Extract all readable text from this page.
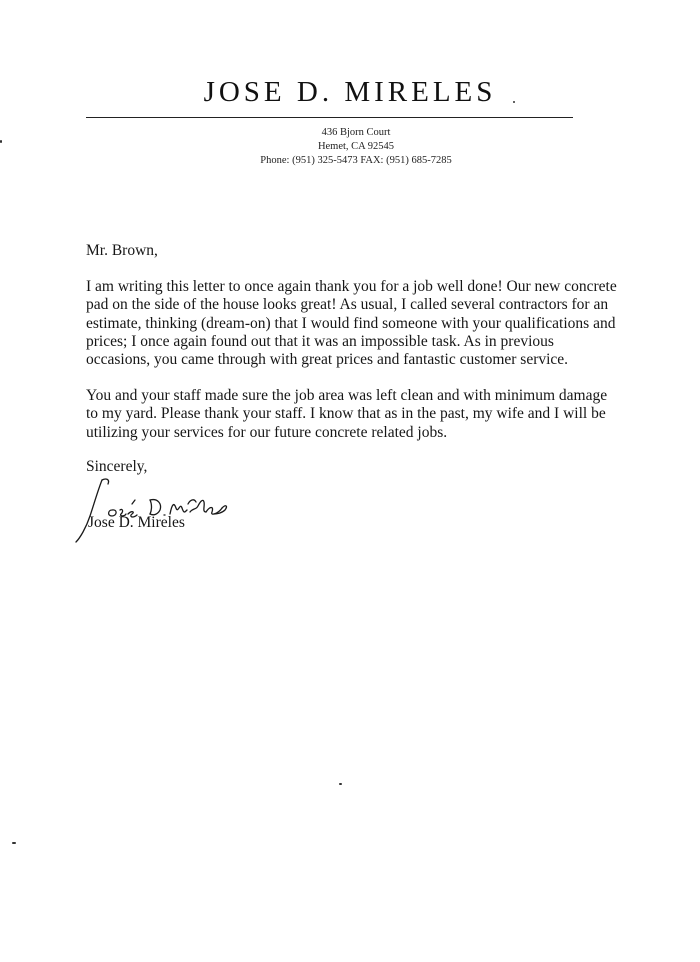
JOSE D. MIRELES
436 Bjorn Court
Hemet, CA 92545
Phone: (951) 325-5473 FAX: (951) 685-7285
Mr. Brown,
I am writing this letter to once again thank you for a job well done! Our new concrete
pad on the side of the house looks great! As usual, I called several contractors for an
estimate, thinking (dream-on) that I would find someone with your qualifications and
prices; I once again found out that it was an impossible task. As in previous
occasions, you came through with great prices and fantastic customer service.
You and your staff made sure the job area was left clean and with minimum damage
to my yard. Please thank your staff. I know that as in the past, my wife and I will be
utilizing your services for our future concrete related jobs.
Sincerely,
Jose D. Mireles
